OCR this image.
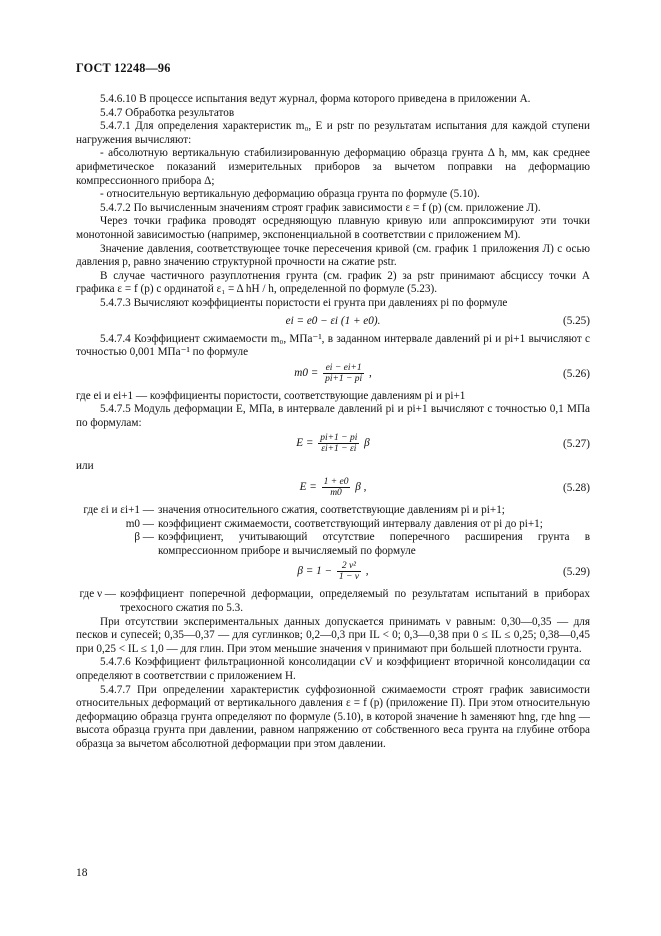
ГОСТ 12248—96

5.4.6.10 В процессе испытания ведут журнал, форма которого приведена в приложении А.

5.4.7 Обработка результатов

5.4.7.1 Для определения характеристик m₀, E и pstr по результатам испытания для каждой ступени нагружения вычисляют:

- абсолютную вертикальную стабилизированную деформацию образца грунта Δ h, мм, как среднее арифметическое показаний измерительных приборов за вычетом поправки на деформацию компрессионного прибора Δ;

- относительную вертикальную деформацию образца грунта по формуле (5.10).

5.4.7.2 По вычисленным значениям строят график зависимости ε = f (p) (см. приложение Л).

Через точки графика проводят осредняющую плавную кривую или аппроксимируют эти точки монотонной зависимостью (например, экспоненциальной в соответствии с приложением М).

Значение давления, соответствующее точке пересечения кривой (см. график 1 приложения Л) с осью давления p, равно значению структурной прочности на сжатие pstr.

В случае частичного разуплотнения грунта (см. график 2) за pstr принимают абсциссу точки A графика ε = f (p) с ординатой ε₁ = Δ hH / h, определенной по формуле (5.23).

5.4.7.3 Вычисляют коэффициенты пористости ei грунта при давлениях pi по формуле

ei = e0 − εi (1 + e0).	(5.25)

5.4.7.4 Коэффициент сжимаемости m₀, МПа⁻¹, в заданном интервале давлений pi и pi+1 вычисляют с точностью 0,001 МПа⁻¹ по формуле

$m0 = \frac{ei - ei+1}{pi+1 - pi}$ ,	(5.26)

где ei и ei+1 — коэффициенты пористости, соответствующие давлениям pi и pi+1

5.4.7.5 Модуль деформации E, МПа, в интервале давлений pi и pi+1 вычисляют с точностью 0,1 МПа по формулам:

$E = \frac{pi+1 - pi}{\varepsilon i+1 - \varepsilon i}$ β	(5.27)

или

$E = \frac{1 + e0}{m0}$ β ,	(5.28)
где εi и εi+1 — значения относительного сжатия, соответствующие давлениям pi и pi+1;
m0 — коэффициент сжимаемости, соответствующий интервалу давления от pi до pi+1;
β — коэффициент, учитывающий отсутствие поперечного расширения грунта в компрессионном приборе и вычисляемый по формуле
$\beta = 1 - \frac{\text{2 ν²}}{1 - \nu}$ ,	(5.29)
где ν — коэффициент поперечной деформации, определяемый по результатам испытаний в приборах трехосного сжатия по 5.3.

При отсутствии экспериментальных данных допускается принимать ν равным: 0,30—0,35 — для песков и супесей; 0,35—0,37 — для суглинков; 0,2—0,3 при IL < 0; 0,3—0,38 при 0 ≤ IL ≤ 0,25; 0,38—0,45 при 0,25 < IL ≤ 1,0 — для глин. При этом меньшие значения ν принимают при большей плотности грунта.

5.4.7.6 Коэффициент фильтрационной консолидации cV и коэффициент вторичной консолидации cα определяют в соответствии с приложением Н.

5.4.7.7 При определении характеристик суффозионной сжимаемости строят график зависимости относительных деформаций от вертикального давления ε = f (p) (приложение П). При этом относительную деформацию образца грунта определяют по формуле (5.10), в которой значение h заменяют hng, где hng — высота образца грунта при давлении, равном напряжению от собственного веса грунта на глубине отбора образца за вычетом абсолютной деформации при этом давлении.

18
